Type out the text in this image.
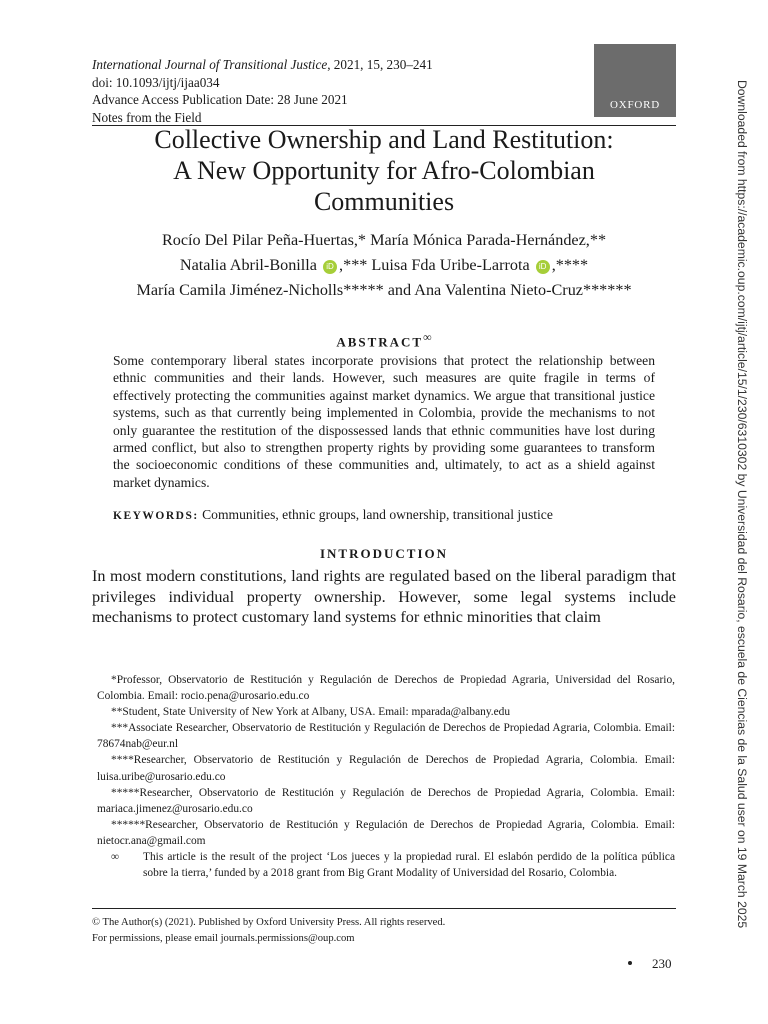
International Journal of Transitional Justice, 2021, 15, 230–241
doi: 10.1093/ijtj/ijaa034
Advance Access Publication Date: 28 June 2021
Notes from the Field
OXFORD	Downloaded from https://academic.oup.com/ijtj/article/15/1/230/6310302 by Universidad del Rosario, escuela de Ciencias de la Salud user on 19 March 2025
Collective Ownership and Land Restitution:
A New Opportunity for Afro-Colombian
Communities
Rocío Del Pilar Peña-Huertas,* María Mónica Parada-Hernández,**
Natalia Abril-Bonilla iD ,*** Luisa Fda Uribe-Larrota iD ,****
María Camila Jiménez-Nicholls***** and Ana Valentina Nieto-Cruz******
ABSTRACT∞
Some contemporary liberal states incorporate provisions that protect the relationship between ethnic communities and their lands. However, such measures are quite fragile in terms of effectively protecting the communities against market dynamics. We argue that transitional justice systems, such as that currently being implemented in Colombia, provide the mechanisms to not only guarantee the restitution of the dispossessed lands that ethnic communities have lost during armed conflict, but also to strengthen property rights by providing some guarantees to transform the socioeconomic conditions of these communities and, ultimately, to act as a shield against market dynamics.
KEYWORDS: Communities, ethnic groups, land ownership, transitional justice
INTRODUCTION
In most modern constitutions, land rights are regulated based on the liberal paradigm that privileges individual property ownership. However, some legal systems include mechanisms to protect customary land systems for ethnic minorities that claim
*Professor, Observatorio de Restitución y Regulación de Derechos de Propiedad Agraria, Universidad del Rosario, Colombia. Email: rocio.pena@urosario.edu.co
**Student, State University of New York at Albany, USA. Email: mparada@albany.edu
***Associate Researcher, Observatorio de Restitución y Regulación de Derechos de Propiedad Agraria, Colombia. Email: 78674nab@eur.nl
****Researcher, Observatorio de Restitución y Regulación de Derechos de Propiedad Agraria, Colombia. Email: luisa.uribe@urosario.edu.co
*****Researcher, Observatorio de Restitución y Regulación de Derechos de Propiedad Agraria, Colombia. Email: mariaca.jimenez@urosario.edu.co
******Researcher, Observatorio de Restitución y Regulación de Derechos de Propiedad Agraria, Colombia. Email: nietocr.ana@gmail.com
∞	This article is the result of the project ‘Los jueces y la propiedad rural. El eslabón perdido de la política pública sobre la tierra,’ funded by a 2018 grant from Big Grant Modality of Universidad del Rosario, Colombia.
© The Author(s) (2021). Published by Oxford University Press. All rights reserved.
For permissions, please email journals.permissions@oup.com
230
